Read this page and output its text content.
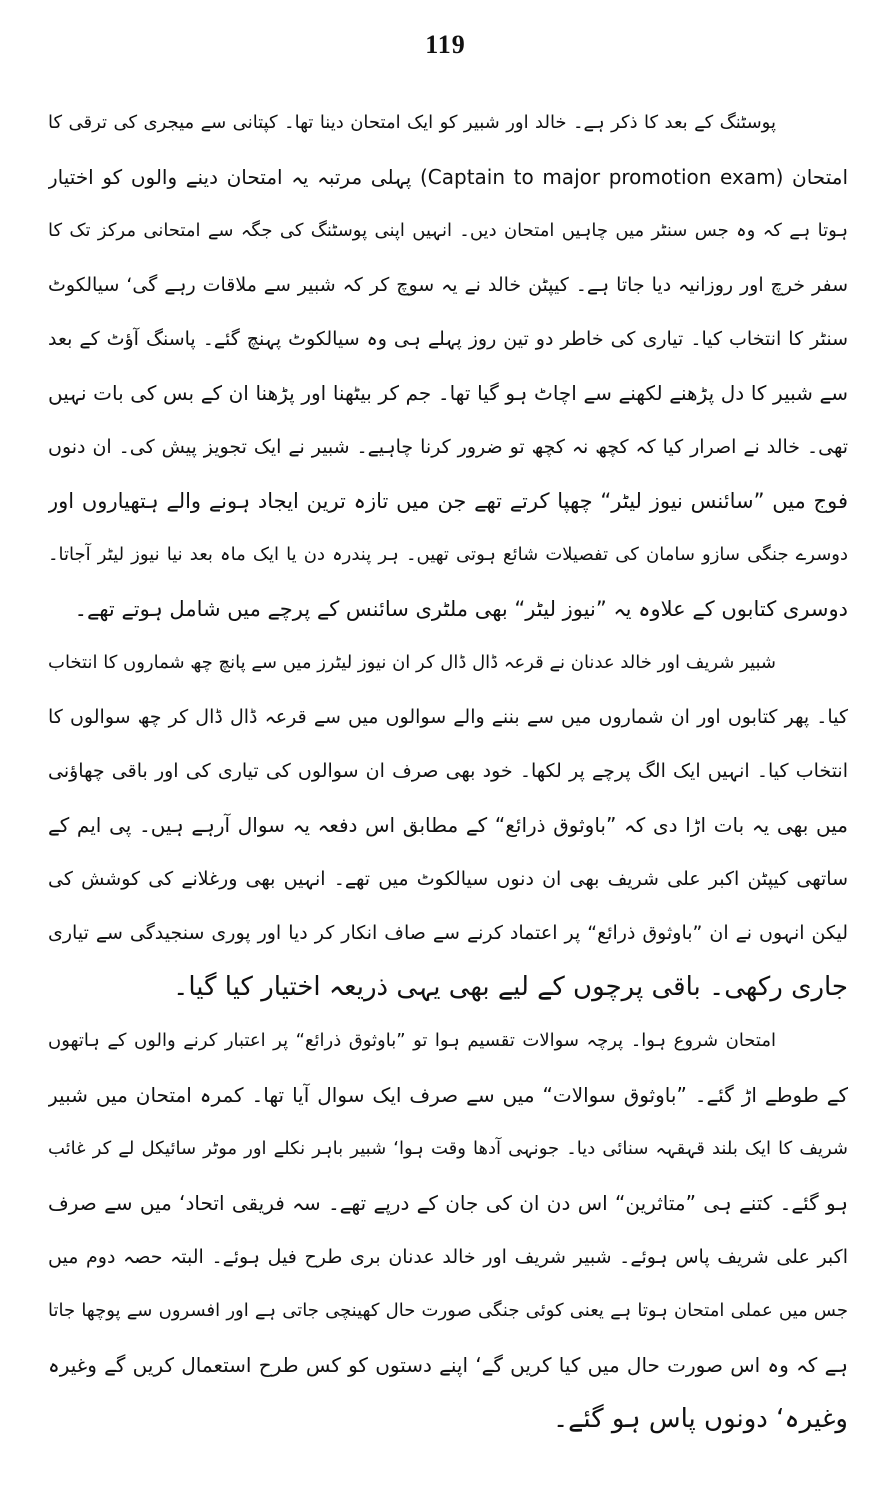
119
پوسٹنگ کے بعد کا ذکر ہے۔ خالد اور شبیر کو ایک امتحان دینا تھا۔ کپتانی سے میجری کی ترقی کا
امتحان (Captain to major promotion exam) پہلی مرتبہ یہ امتحان دینے والوں کو اختیار
ہوتا ہے کہ وہ جس سنٹر میں چاہیں امتحان دیں۔ انہیں اپنی پوسٹنگ کی جگہ سے امتحانی مرکز تک کا
سفر خرچ اور روزانیہ دیا جاتا ہے۔ کیپٹن خالد نے یہ سوچ کر کہ شبیر سے ملاقات رہے گی‘ سیالکوٹ
سنٹر کا انتخاب کیا۔ تیاری کی خاطر دو تین روز پہلے ہی وہ سیالکوٹ پہنچ گئے۔ پاسنگ آؤٹ کے بعد
سے شبیر کا دل پڑھنے لکھنے سے اچاٹ ہو گیا تھا۔ جم کر بیٹھنا اور پڑھنا ان کے بس کی بات نہیں
تھی۔ خالد نے اصرار کیا کہ کچھ نہ کچھ تو ضرور کرنا چاہیے۔ شبیر نے ایک تجویز پیش کی۔ ان دنوں
فوج میں ”سائنس نیوز لیٹر“ چھپا کرتے تھے جن میں تازہ ترین ایجاد ہونے والے ہتھیاروں اور
دوسرے جنگی سازو سامان کی تفصیلات شائع ہوتی تھیں۔ ہر پندرہ دن یا ایک ماہ بعد نیا نیوز لیٹر آجاتا۔
دوسری کتابوں کے علاوہ یہ ”نیوز لیٹر“ بھی ملٹری سائنس کے پرچے میں شامل ہوتے تھے۔
شبیر شریف اور خالد عدنان نے قرعہ ڈال ڈال کر ان نیوز لیٹرز میں سے پانچ چھ شماروں کا انتخاب
کیا۔ پھر کتابوں اور ان شماروں میں سے بننے والے سوالوں میں سے قرعہ ڈال ڈال کر چھ سوالوں کا
انتخاب کیا۔ انہیں ایک الگ پرچے پر لکھا۔ خود بھی صرف ان سوالوں کی تیاری کی اور باقی چھاؤنی
میں بھی یہ بات اڑا دی کہ ”باوثوق ذرائع“ کے مطابق اس دفعہ یہ سوال آرہے ہیں۔ پی ایم کے
ساتھی کیپٹن اکبر علی شریف بھی ان دنوں سیالکوٹ میں تھے۔ انہیں بھی ورغلانے کی کوشش کی
لیکن انہوں نے ان ”باوثوق ذرائع“ پر اعتماد کرنے سے صاف انکار کر دیا اور پوری سنجیدگی سے تیاری
جاری رکھی۔ باقی پرچوں کے لیے بھی یہی ذریعہ اختیار کیا گیا۔
امتحان شروع ہوا۔ پرچہ سوالات تقسیم ہوا تو ”باوثوق ذرائع“ پر اعتبار کرنے والوں کے ہاتھوں
کے طوطے اڑ گئے۔ ”باوثوق سوالات“ میں سے صرف ایک سوال آیا تھا۔ کمرہ امتحان میں شبیر
شریف کا ایک بلند قہقہہ سنائی دیا۔ جونہی آدھا وقت ہوا‘ شبیر باہر نکلے اور موٹر سائیکل لے کر غائب
ہو گئے۔ کتنے ہی ”متاثرین“ اس دن ان کی جان کے درپے تھے۔ سہ فریقی اتحاد‘ میں سے صرف
اکبر علی شریف پاس ہوئے۔ شبیر شریف اور خالد عدنان بری طرح فیل ہوئے۔ البتہ حصہ دوم میں
جس میں عملی امتحان ہوتا ہے یعنی کوئی جنگی صورت حال کھینچی جاتی ہے اور افسروں سے پوچھا جاتا
ہے کہ وہ اس صورت حال میں کیا کریں گے‘ اپنے دستوں کو کس طرح استعمال کریں گے وغیرہ
وغیرہ‘ دونوں پاس ہو گئے۔
